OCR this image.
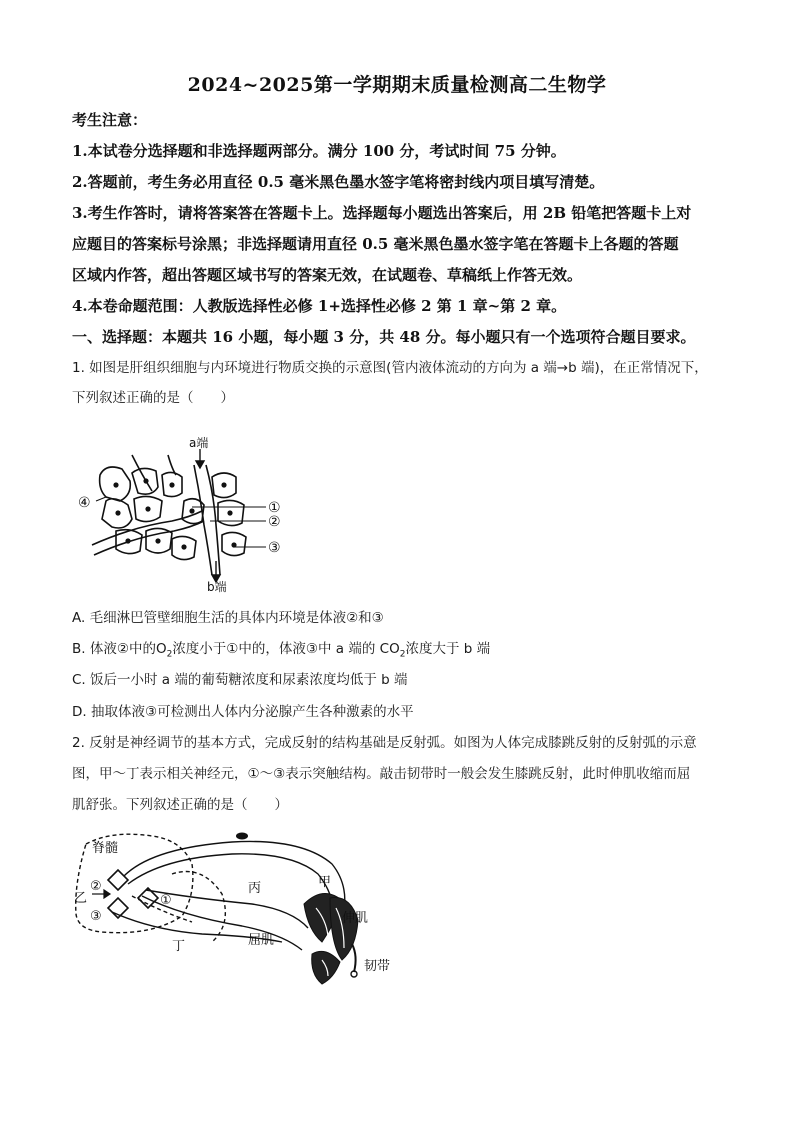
2024~2025第一学期期末质量检测高二生物学
考生注意：
1.本试卷分选择题和非选择题两部分。满分 100 分，考试时间 75 分钟。
2.答题前，考生务必用直径 0.5 毫米黑色墨水签字笔将密封线内项目填写清楚。
3.考生作答时，请将答案答在答题卡上。选择题每小题选出答案后，用 2B 铅笔把答题卡上对
应题目的答案标号涂黑；非选择题请用直径 0.5 毫米黑色墨水签字笔在答题卡上各题的答题
区域内作答，超出答题区域书写的答案无效，在试题卷、草稿纸上作答无效。
4.本卷命题范围：人教版选择性必修 1+选择性必修 2 第 1 章~第 2 章。
一、选择题：本题共 16 小题，每小题 3 分，共 48 分。每小题只有一个选项符合题目要求。
1. 如图是肝组织细胞与内环境进行物质交换的示意图(管内液体流动的方向为 a 端→b 端)，在正常情况下，
下列叙述正确的是（　　）
a端
b端
①
②
③
④
A. 毛细淋巴管壁细胞生活的具体内环境是体液②和③
B. 体液②中的$O_2$浓度小于①中的，体液③中 a 端的 $CO_2$浓度大于 b 端
C. 饭后一小时 a 端的葡萄糖浓度和尿素浓度均低于 b 端
D. 抽取体液③可检测出人体内分泌腺产生各种激素的水平
2. 反射是神经调节的基本方式，完成反射的结构基础是反射弧。如图为人体完成膝跳反射的反射弧的示意
图，甲～丁表示相关神经元，①～③表示突触结构。敲击韧带时一般会发生膝跳反射，此时伸肌收缩而屈
肌舒张。下列叙述正确的是（　　）
脊髓
②
③
①
乙
丁
丙	甲
伸肌
屈肌
韧带
